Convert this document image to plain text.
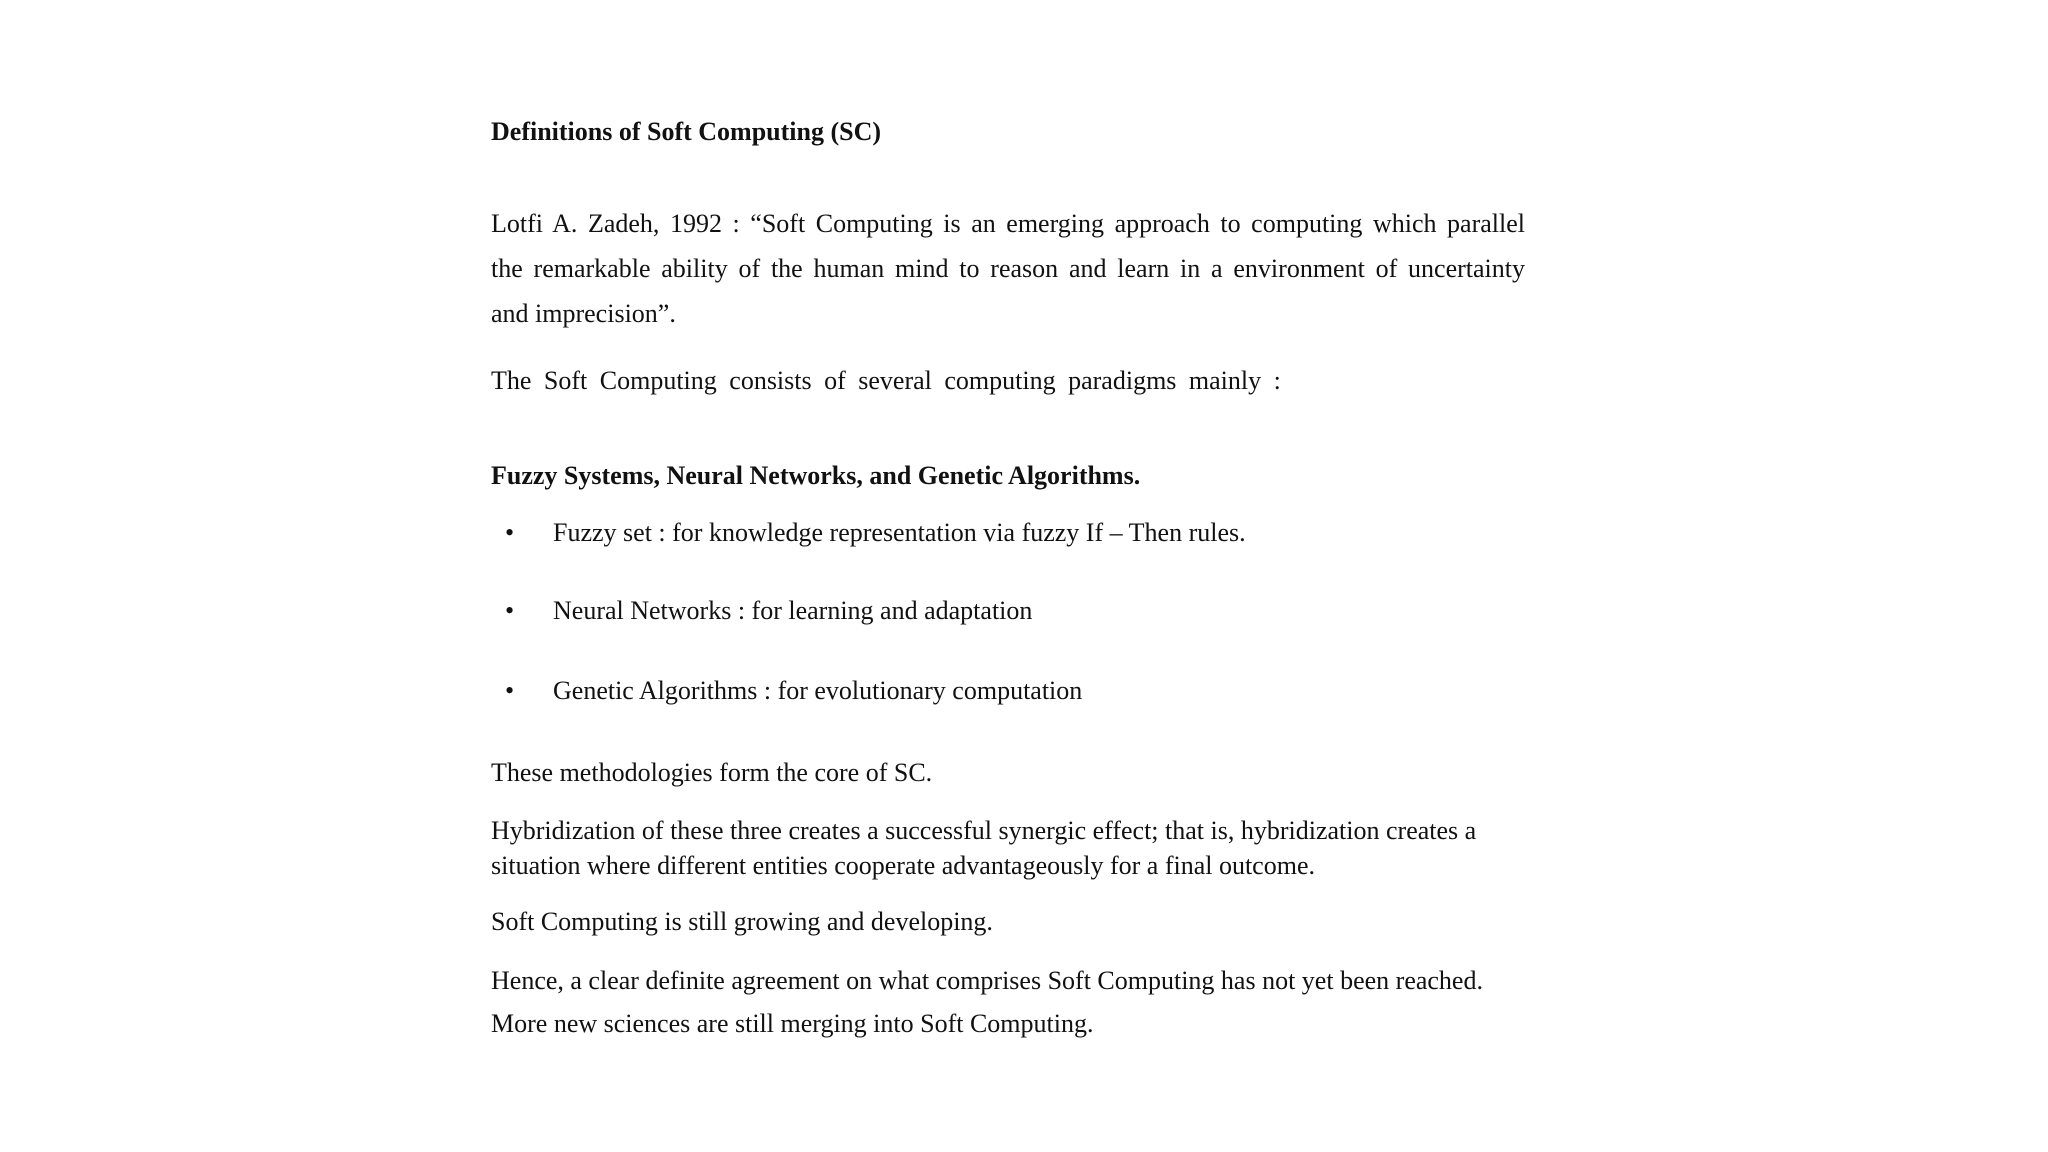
Definitions of Soft Computing (SC)
Lotfi A. Zadeh, 1992 : “Soft Computing is an emerging approach to computing which parallel
the remarkable ability of the human mind to reason and learn in a environment of uncertainty
and imprecision”.
The Soft Computing consists of several computing paradigms mainly :
Fuzzy Systems, Neural Networks, and Genetic Algorithms.
• Fuzzy set : for knowledge representation via fuzzy If – Then rules.
• Neural Networks : for learning and adaptation
• Genetic Algorithms : for evolutionary computation
These methodologies form the core of SC.
Hybridization of these three creates a successful synergic effect; that is, hybridization creates a
situation where different entities cooperate advantageously for a final outcome.
Soft Computing is still growing and developing.
Hence, a clear definite agreement on what comprises Soft Computing has not yet been reached.
More new sciences are still merging into Soft Computing.
